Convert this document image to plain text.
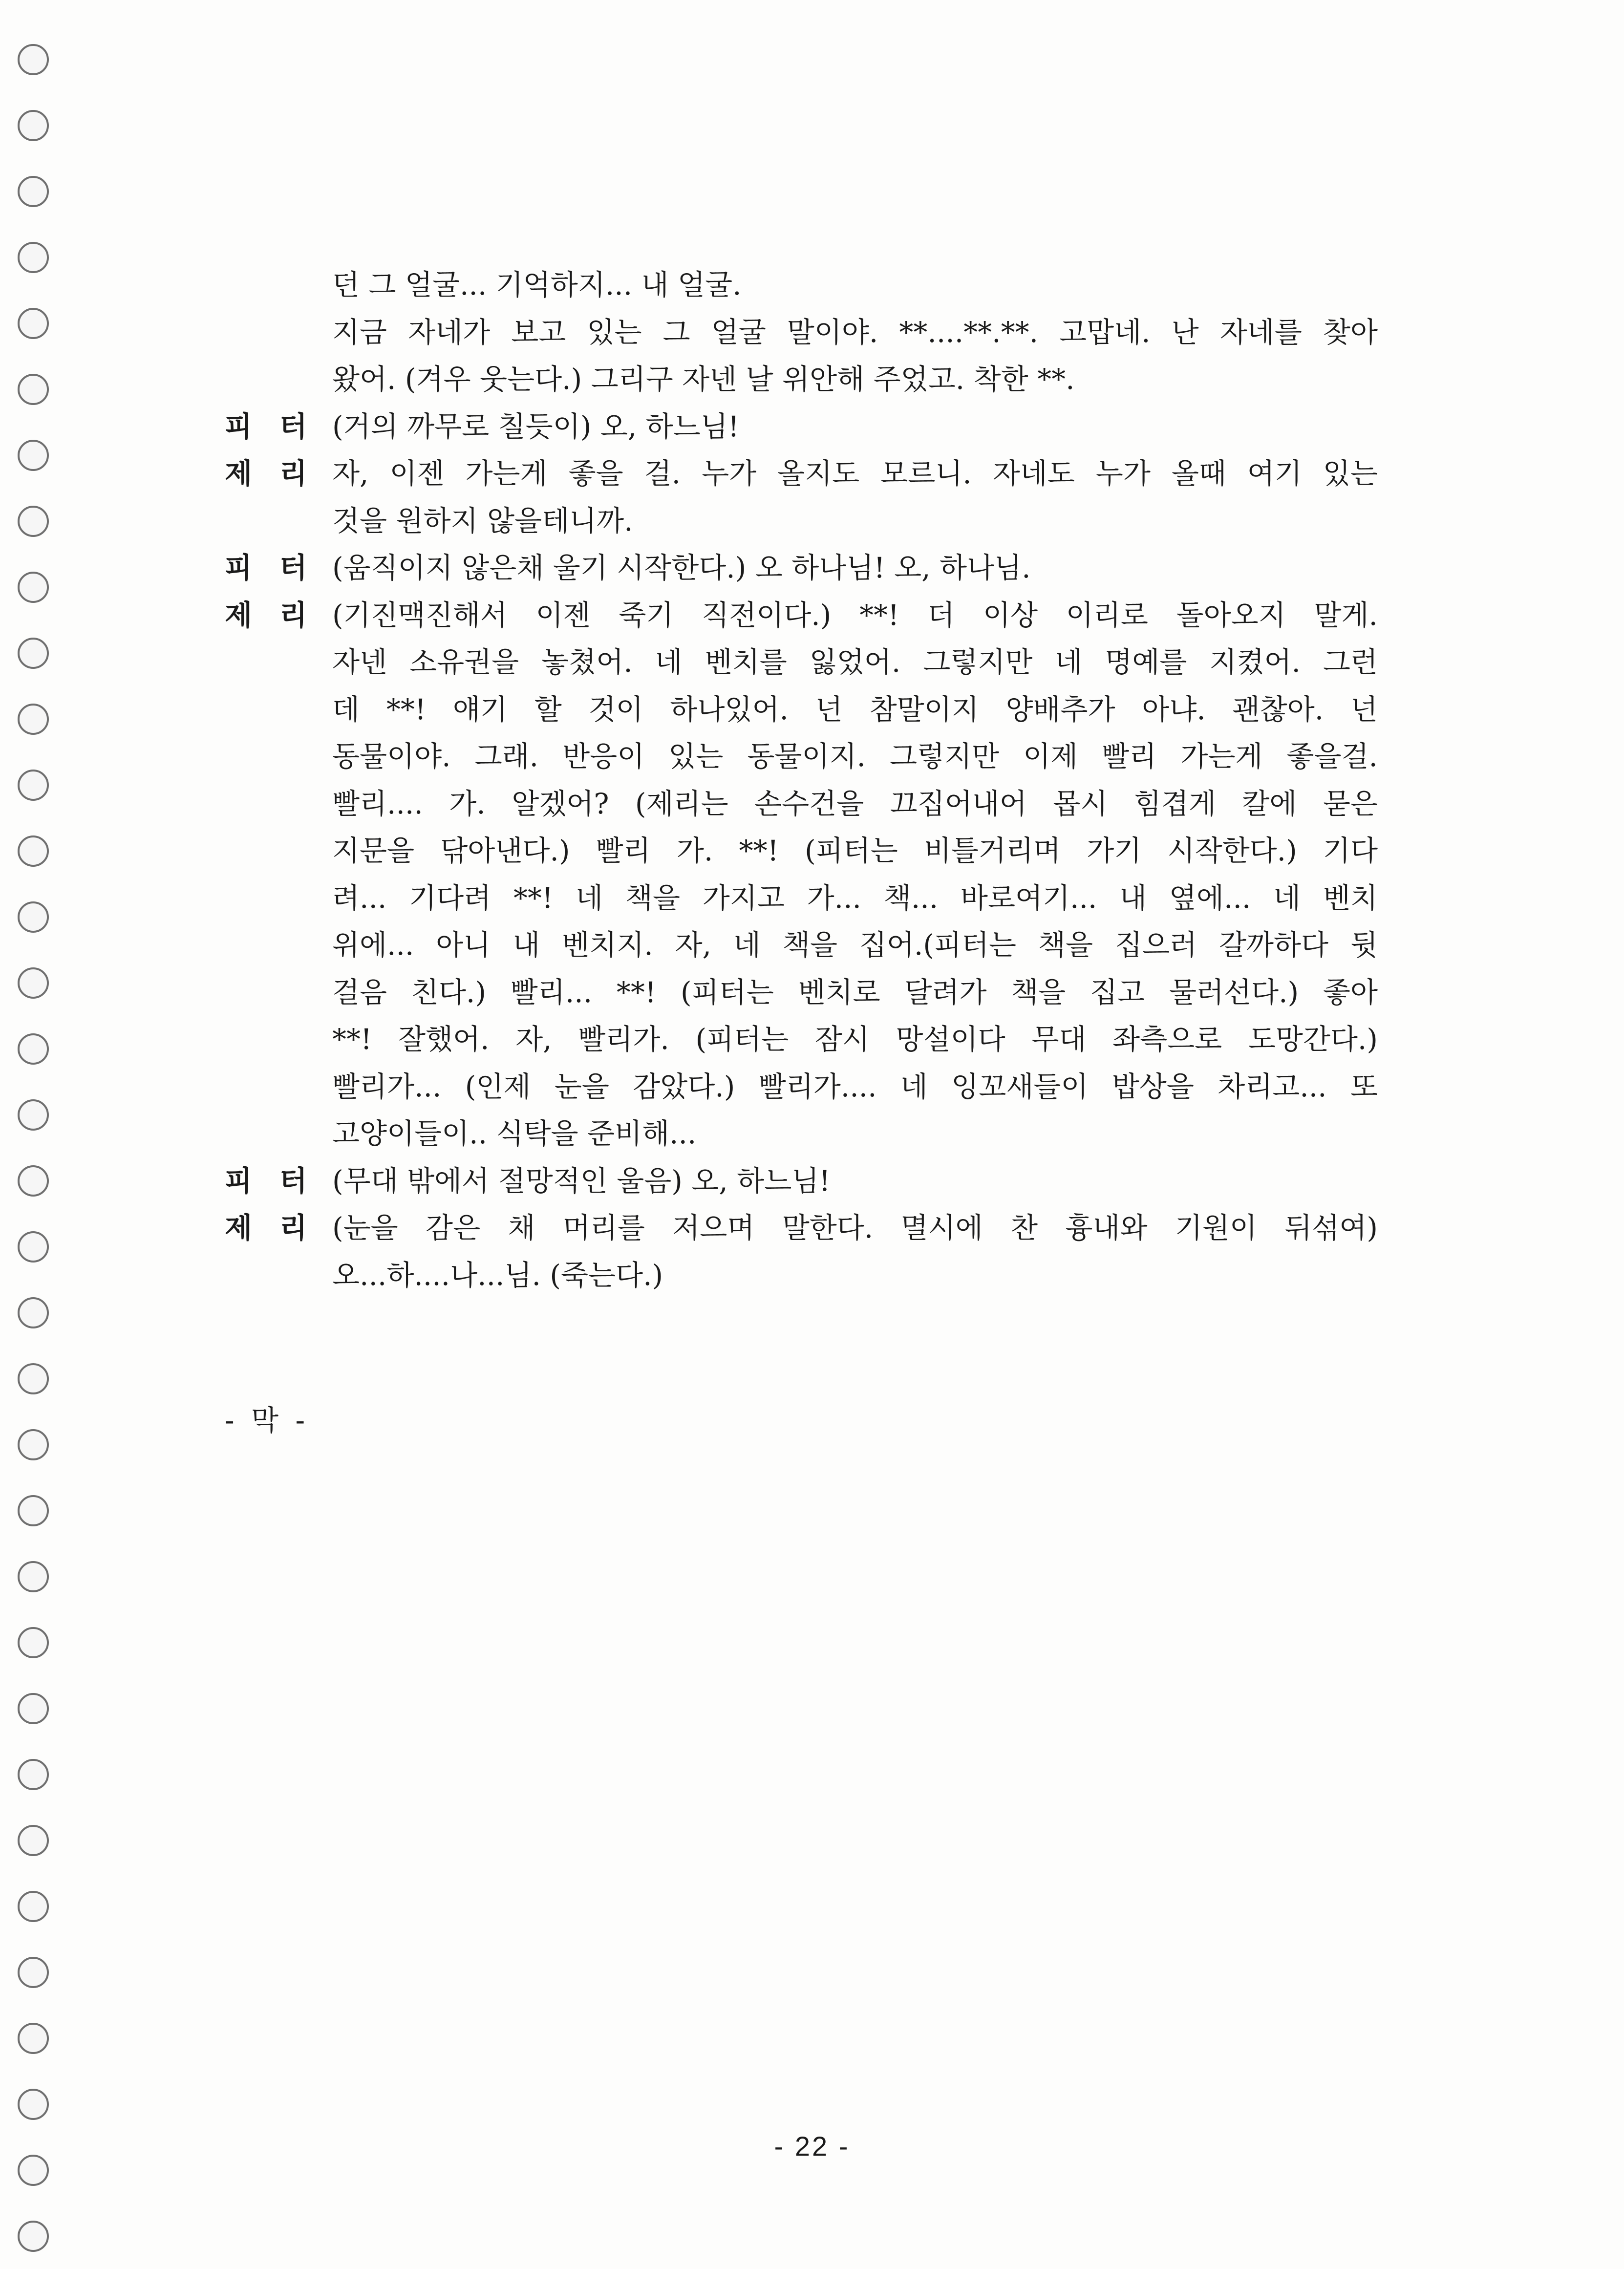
던 그 얼굴... 기억하지... 내 얼굴.
지금 자네가 보고 있는 그 얼굴 말이야. **....**.**. 고맙네. 난 자네를 찾아
왔어. (겨우 웃는다.) 그리구 자넨 날 위안해 주었고. 착한 **.
피 터 (거의 까무로 칠듯이) 오, 하느님!
제 리 자, 이젠 가는게 좋을 걸. 누가 올지도 모르니. 자네도 누가 올때 여기 있는
것을 원하지 않을테니까.
피 터 (움직이지 않은채 울기 시작한다.) 오 하나님! 오, 하나님.
제 리 (기진맥진해서 이젠 죽기 직전이다.) **! 더 이상 이리로 돌아오지 말게.
자넨 소유권을 놓쳤어. 네 벤치를 잃었어. 그렇지만 네 명예를 지켰어. 그런
데 **! 얘기 할 것이 하나있어. 넌 참말이지 양배추가 아냐. 괜찮아. 넌
동물이야. 그래. 반응이 있는 동물이지. 그렇지만 이제 빨리 가는게 좋을걸.
빨리.... 가. 알겠어? (제리는 손수건을 끄집어내어 몹시 힘겹게 칼에 묻은
지문을 닦아낸다.) 빨리 가. **! (피터는 비틀거리며 가기 시작한다.) 기다
려... 기다려 **! 네 책을 가지고 가... 책... 바로여기... 내 옆에... 네 벤치
위에... 아니 내 벤치지. 자, 네 책을 집어.(피터는 책을 집으러 갈까하다 뒷
걸음 친다.) 빨리... **! (피터는 벤치로 달려가 책을 집고 물러선다.) 좋아
**! 잘했어. 자, 빨리가. (피터는 잠시 망설이다 무대 좌측으로 도망간다.)
빨리가... (인제 눈을 감았다.) 빨리가.... 네 잉꼬새들이 밥상을 차리고... 또
고양이들이.. 식탁을 준비해...
피 터 (무대 밖에서 절망적인 울음) 오, 하느님!
제 리 (눈을 감은 채 머리를 저으며 말한다. 멸시에 찬 흉내와 기원이 뒤섞여)
오...하....나...님. (죽는다.)
- 막 -
- 22 -
